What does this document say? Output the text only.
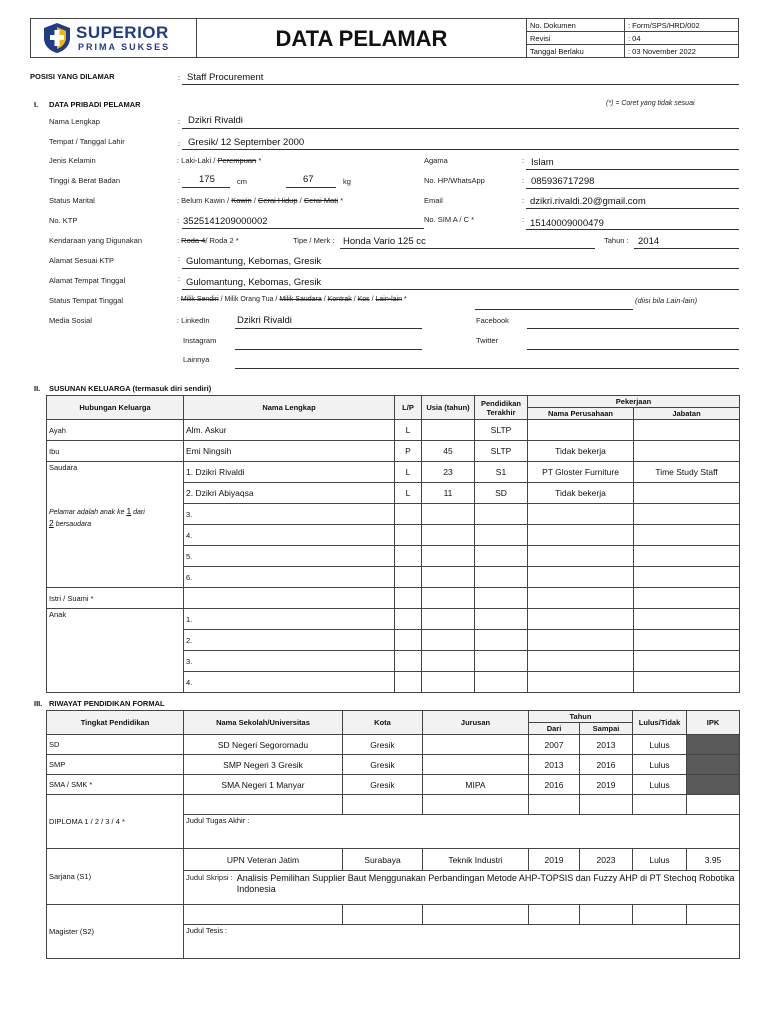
SUPERIOR
PRIMA SUKSES	DATA PELAMAR
No. Dokumen	: Form/SPS/HRD/002
Revisi	: 04
Tanggal Berlaku	: 03 November 2022
POSISI YANG DILAMAR	: Staff Procurement
I. DATA PRIBADI PELAMAR	(*) = Coret yang tidak sesuai
Nama Lengkap	: Dzikri Rivaldi
Tempat / Tanggal Lahir	: Gresik/ 12 September 2000
Jenis Kelamin	: Laki-Laki / Perempuan *	Agama	: Islam
Tinggi & Berat Badan	: 175	cm	67	kg	No. HP/WhatsApp	: 085936717298
Status Marital	: Belum Kawin / Kawin / Cerai Hidup / Cerai Mati *	Email	: dzikri.rivaldi.20@gmail.com
No. KTP	: 3525141209000002	No. SIM A / C *	: 15140009000479
Kendaraan yang Digunakan	: Roda 4/ Roda 2 *	Tipe / Merk : Honda Vario 125 cc	Tahun : 2014
Alamat Sesuai KTP	: Gulomantung, Kebomas, Gresik
Alamat Tempat Tinggal	: Gulomantung, Kebomas, Gresik
Status Tempat Tinggal	: Milik Sendiri / Milik Orang Tua / Milik Saudara / Kontrak / Kos / Lain-lain *	(diisi bila Lain-lain)
Media Sosial	: LinkedIn	Dzikri Rivaldi	Facebook
Instagram	Twitter
Lainnya
II. SUSUNAN KELUARGA (termasuk diri sendiri)
Hubungan Keluarga	Nama Lengkap	L/P	Usia (tahun)	Pendidikan Terakhir	Pekerjaan	
					Nama Perusahaan	Jabatan
Ayah	Alm. Askur	L		SLTP		
Ibu	Emi Ningsih	P	45	SLTP	Tidak bekerja	

Saudara
Pelamar adalah anak ke 1 dari
2 bersaudara	1. Dzikri Rivaldi	L	23	S1	PT Gloster Furniture	Time Study Staff
	2. Dzikri Abiyaqsa	L	11	SD	Tidak bekerja	
	3.					
	4.					
	5.					
	6.					
Istri / Suami *						
Anak	1.					
	2.					
	3.					
	4.					
III. RIWAYAT PENDIDIKAN FORMAL
Tingkat Pendidikan	Nama Sekolah/Universitas	Kota	Jurusan	Tahun		Lulus/Tidak	IPK
				Dari	Sampai		
SD	SD Negeri Segoromadu	Gresik		2007	2013	Lulus	
SMP	SMP Negeri 3 Gresik	Gresik		2013	2016	Lulus	
SMA / SMK *	SMA Negeri 1 Manyar	Gresik	MIPA	2016	2019	Lulus	
DIPLOMA 1 / 2 / 3 / 4 *							
	Judul Tugas Akhir :						
Sarjana (S1)	UPN Veteran Jatim	Surabaya	Teknik Industri	2019	2023	Lulus	3.95

	Judul Skripsi : Analisis Pemilihan Supplier Baut Menggunakan Perbandingan Metode AHP-TOPSIS dan Fuzzy AHP di PT Stechoq Robotika Indonesia						

Magister (S2)							
	Judul Tesis :						
